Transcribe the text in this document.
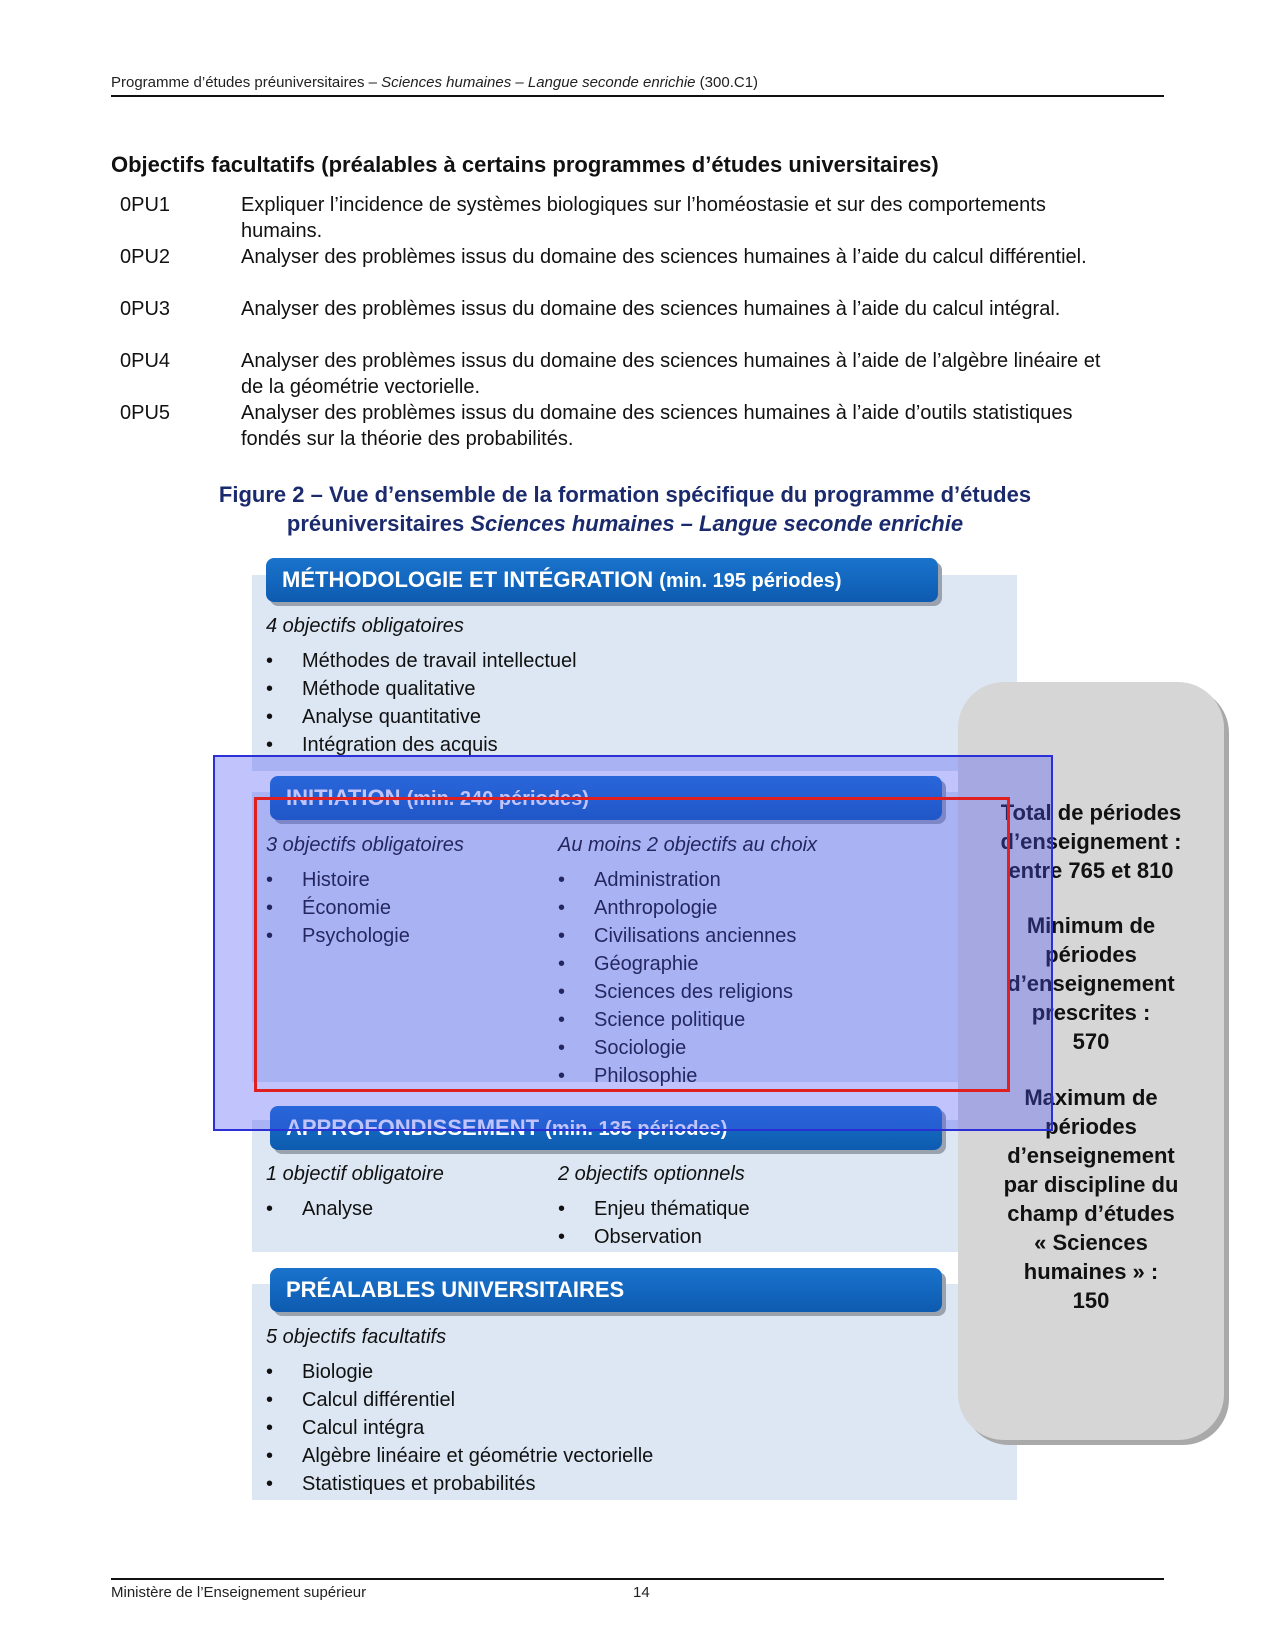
Programme d’études préuniversitaires – Sciences humaines – Langue seconde enrichie (300.C1)
Objectifs facultatifs (préalables à certains programmes d’études universitaires)
0PU1	Expliquer l’incidence de systèmes biologiques sur l’homéostasie et sur des comportements humains.
0PU2	Analyser des problèmes issus du domaine des sciences humaines à l’aide du calcul différentiel.
0PU3	Analyser des problèmes issus du domaine des sciences humaines à l’aide du calcul intégral.
0PU4	Analyser des problèmes issus du domaine des sciences humaines à l’aide de l’algèbre linéaire et de la géométrie vectorielle.
0PU5	Analyser des problèmes issus du domaine des sciences humaines à l’aide d’outils statistiques fondés sur la théorie des probabilités.
Figure 2 – Vue d’ensemble de la formation spécifique du programme d’études
préuniversitaires Sciences humaines – Langue seconde enrichie
Total de périodes
d’enseignement :
entre 765 et 810
Minimum de
périodes
d’enseignement
prescrites :
570
Maximum de
périodes
d’enseignement
par discipline du
champ d’études
« Sciences
humaines » :
150
MÉTHODOLOGIE ET INTÉGRATION (min. 195 périodes)
4 objectifs obligatoires
• Méthodes de travail intellectuel
• Méthode qualitative
• Analyse quantitative
• Intégration des acquis
INITIATION (min. 240 périodes)
3 objectifs obligatoires	Au moins 2 objectifs au choix
• Histoire
• Économie
• Psychologie
• Administration
• Anthropologie
• Civilisations anciennes
• Géographie
• Sciences des religions
• Science politique
• Sociologie
• Philosophie
APPROFONDISSEMENT (min. 135 périodes)
1 objectif obligatoire	2 objectifs optionnels
• Analyse	• Enjeu thématique
• Observation
PRÉALABLES UNIVERSITAIRES
5 objectifs facultatifs
• Biologie
• Calcul différentiel
• Calcul intégra
• Algèbre linéaire et géométrie vectorielle
• Statistiques et probabilités
Ministère de l’Enseignement supérieur	14
